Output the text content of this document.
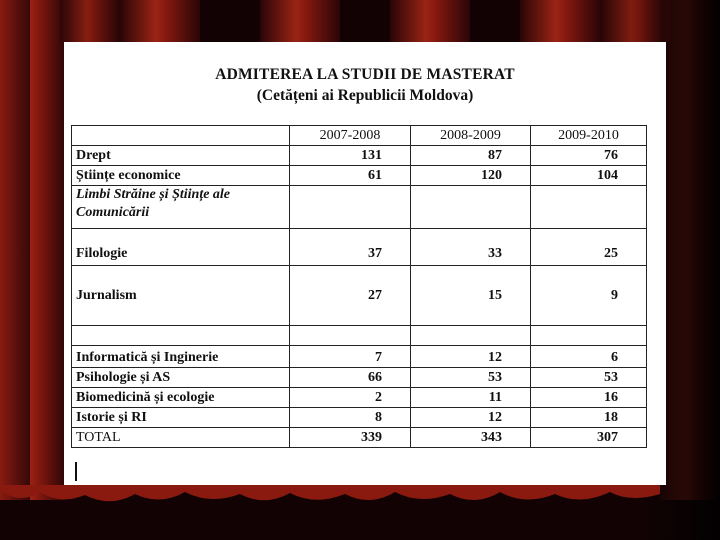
ADMITEREA LA STUDII DE MASTERAT
(Cetățeni ai Republicii Moldova)
	2007-2008	2008-2009	2009-2010
Drept	131	87	76
Științe economice	61	120	104
Limbi Străine și Științe ale Comunicării			
Filologie	37	33	25
Jurnalism	27	15	9

Informatică și Inginerie	7	12	6
Psihologie și AS	66	53	53
Biomedicină și ecologie	2	11	16
Istorie și RI	8	12	18
TOTAL	339	343	307
